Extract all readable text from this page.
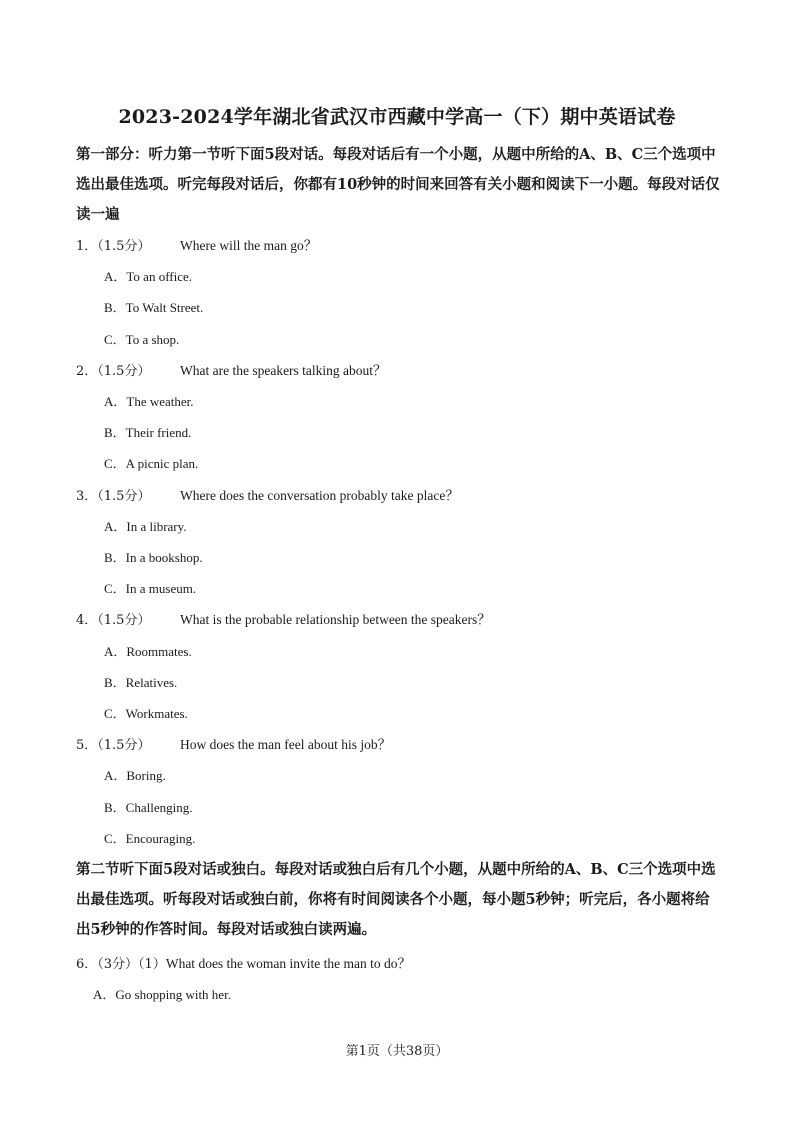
2023-2024学年湖北省武汉市西藏中学高一（下）期中英语试卷
第一部分：听力第一节听下面5段对话。每段对话后有一个小题，从题中所给的A、B、C三个选项中选出最佳选项。听完每段对话后，你都有10秒钟的时间来回答有关小题和阅读下一小题。每段对话仅读一遍
1．（1.5分） Where will the man go？
A．To an office.
B．To Walt Street.
C．To a shop.
2．（1.5分） What are the speakers talking about？
A．The weather.
B．Their friend.
C．A picnic plan.
3．（1.5分） Where does the conversation probably take place？
A．In a library.
B．In a bookshop.
C．In a museum.
4．（1.5分） What is the probable relationship between the speakers？
A．Roommates.
B．Relatives.
C．Workmates.
5．（1.5分） How does the man feel about his job？
A．Boring.
B．Challenging.
C．Encouraging.
第二节听下面5段对话或独白。每段对话或独白后有几个小题，从题中所给的A、B、C三个选项中选出最佳选项。听每段对话或独白前，你将有时间阅读各个小题，每小题5秒钟；听完后，各小题将给出5秒钟的作答时间。每段对话或独白读两遍。
6．（3分）（1）What does the woman invite the man to do？
A．Go shopping with her.
第1页（共38页）
